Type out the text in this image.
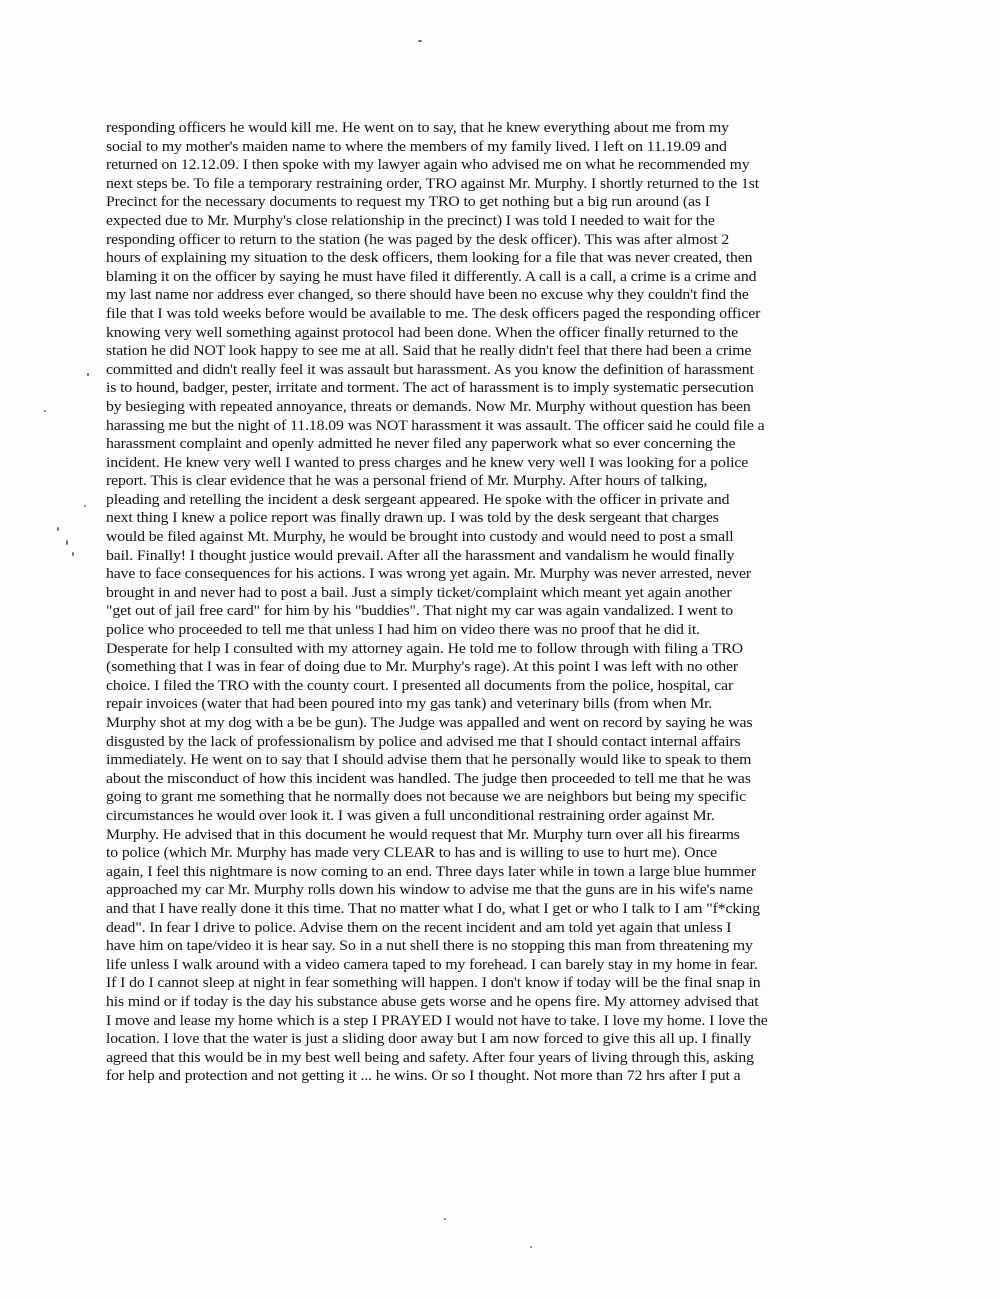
responding officers he would kill me. He went on to say, that he knew everything about me from my
social to my mother's maiden name to where the members of my family lived. I left on 11.19.09 and
returned on 12.12.09. I then spoke with my lawyer again who advised me on what he recommended my
next steps be. To file a temporary restraining order, TRO against Mr. Murphy. I shortly returned to the 1st
Precinct for the necessary documents to request my TRO to get nothing but a big run around (as I
expected due to Mr. Murphy's close relationship in the precinct) I was told I needed to wait for the
responding officer to return to the station (he was paged by the desk officer). This was after almost 2
hours of explaining my situation to the desk officers, them looking for a file that was never created, then
blaming it on the officer by saying he must have filed it differently. A call is a call, a crime is a crime and
my last name nor address ever changed, so there should have been no excuse why they couldn't find the
file that I was told weeks before would be available to me. The desk officers paged the responding officer
knowing very well something against protocol had been done. When the officer finally returned to the
station he did NOT look happy to see me at all. Said that he really didn't feel that there had been a crime
committed and didn't really feel it was assault but harassment. As you know the definition of harassment
is to hound, badger, pester, irritate and torment. The act of harassment is to imply systematic persecution
by besieging with repeated annoyance, threats or demands. Now Mr. Murphy without question has been
harassing me but the night of 11.18.09 was NOT harassment it was assault. The officer said he could file a
harassment complaint and openly admitted he never filed any paperwork what so ever concerning the
incident. He knew very well I wanted to press charges and he knew very well I was looking for a police
report. This is clear evidence that he was a personal friend of Mr. Murphy. After hours of talking,
pleading and retelling the incident a desk sergeant appeared. He spoke with the officer in private and
next thing I knew a police report was finally drawn up. I was told by the desk sergeant that charges
would be filed against Mt. Murphy, he would be brought into custody and would need to post a small
bail. Finally! I thought justice would prevail. After all the harassment and vandalism he would finally
have to face consequences for his actions. I was wrong yet again. Mr. Murphy was never arrested, never
brought in and never had to post a bail. Just a simply ticket/complaint which meant yet again another
"get out of jail free card" for him by his "buddies". That night my car was again vandalized. I went to
police who proceeded to tell me that unless I had him on video there was no proof that he did it.
Desperate for help I consulted with my attorney again. He told me to follow through with filing a TRO
(something that I was in fear of doing due to Mr. Murphy's rage). At this point I was left with no other
choice. I filed the TRO with the county court. I presented all documents from the police, hospital, car
repair invoices (water that had been poured into my gas tank) and veterinary bills (from when Mr.
Murphy shot at my dog with a be be gun). The Judge was appalled and went on record by saying he was
disgusted by the lack of professionalism by police and advised me that I should contact internal affairs
immediately. He went on to say that I should advise them that he personally would like to speak to them
about the misconduct of how this incident was handled. The judge then proceeded to tell me that he was
going to grant me something that he normally does not because we are neighbors but being my specific
circumstances he would over look it. I was given a full unconditional restraining order against Mr.
Murphy. He advised that in this document he would request that Mr. Murphy turn over all his firearms
to police (which Mr. Murphy has made very CLEAR to has and is willing to use to hurt me). Once
again, I feel this nightmare is now coming to an end. Three days later while in town a large blue hummer
approached my car Mr. Murphy rolls down his window to advise me that the guns are in his wife's name
and that I have really done it this time. That no matter what I do, what I get or who I talk to I am "f*cking
dead". In fear I drive to police. Advise them on the recent incident and am told yet again that unless I
have him on tape/video it is hear say. So in a nut shell there is no stopping this man from threatening my
life unless I walk around with a video camera taped to my forehead. I can barely stay in my home in fear.
If I do I cannot sleep at night in fear something will happen. I don't know if today will be the final snap in
his mind or if today is the day his substance abuse gets worse and he opens fire. My attorney advised that
I move and lease my home which is a step I PRAYED I would not have to take. I love my home. I love the
location. I love that the water is just a sliding door away but I am now forced to give this all up. I finally
agreed that this would be in my best well being and safety. After four years of living through this, asking
for help and protection and not getting it ... he wins. Or so I thought. Not more than 72 hrs after I put a
